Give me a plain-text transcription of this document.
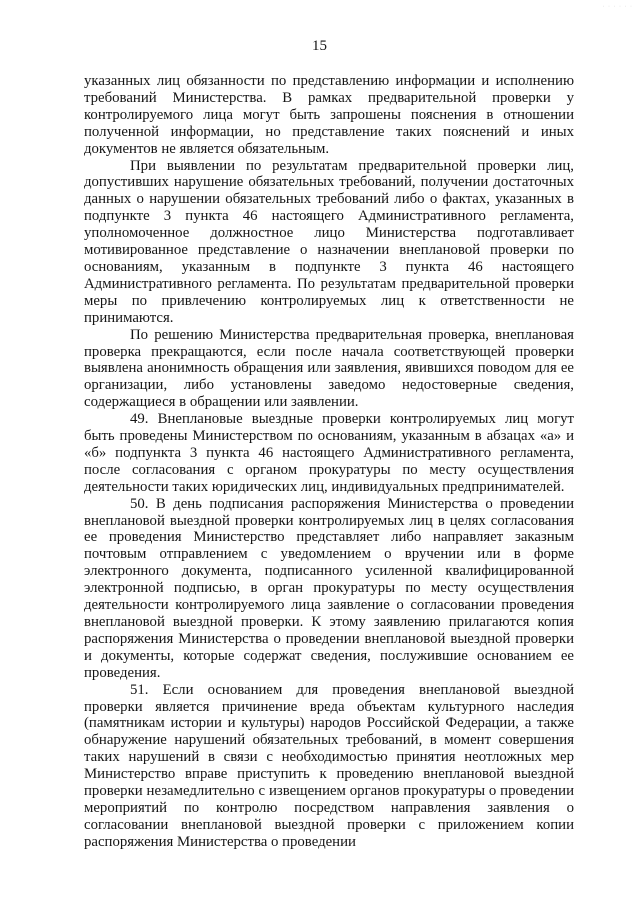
· · · · · ·
15

указанных лиц обязанности по представлению информации и исполнению требований Министерства. В рамках предварительной проверки у контролируемого лица могут быть запрошены пояснения в отношении полученной информации, но представление таких пояснений и иных документов не является обязательным.

При выявлении по результатам предварительной проверки лиц, допустивших нарушение обязательных требований, получении достаточных данных о нарушении обязательных требований либо о фактах, указанных в подпункте 3 пункта 46 настоящего Административного регламента, уполномоченное должностное лицо Министерства подготавливает мотивированное представление о назначении внеплановой проверки по основаниям, указанным в подпункте 3 пункта 46 настоящего Административного регламента. По результатам предварительной проверки меры по привлечению контролируемых лиц к ответственности не принимаются.

По решению Министерства предварительная проверка, внеплановая проверка прекращаются, если после начала соответствующей проверки выявлена анонимность обращения или заявления, явившихся поводом для ее организации, либо установлены заведомо недостоверные сведения, содержащиеся в обращении или заявлении.

49. Внеплановые выездные проверки контролируемых лиц могут быть проведены Министерством по основаниям, указанным в абзацах «а» и «б» подпункта 3 пункта 46 настоящего Административного регламента, после согласования с органом прокуратуры по месту осуществления деятельности таких юридических лиц, индивидуальных предпринимателей.

50. В день подписания распоряжения Министерства о проведении внеплановой выездной проверки контролируемых лиц в целях согласования ее проведения Министерство представляет либо направляет заказным почтовым отправлением с уведомлением о вручении или в форме электронного документа, подписанного усиленной квалифицированной электронной подписью, в орган прокуратуры по месту осуществления деятельности контролируемого лица заявление о согласовании проведения внеплановой выездной проверки. К этому заявлению прилагаются копия распоряжения Министерства о проведении внеплановой выездной проверки и документы, которые содержат сведения, послужившие основанием ее проведения.

51. Если основанием для проведения внеплановой выездной проверки является причинение вреда объектам культурного наследия (памятникам истории и культуры) народов Российской Федерации, а также обнаружение нарушений обязательных требований, в момент совершения таких нарушений в связи с необходимостью принятия неотложных мер Министерство вправе приступить к проведению внеплановой выездной проверки незамедлительно с извещением органов прокуратуры о проведении мероприятий по контролю посредством направления заявления о согласовании внеплановой выездной проверки с приложением копии распоряжения Министерства о проведении
